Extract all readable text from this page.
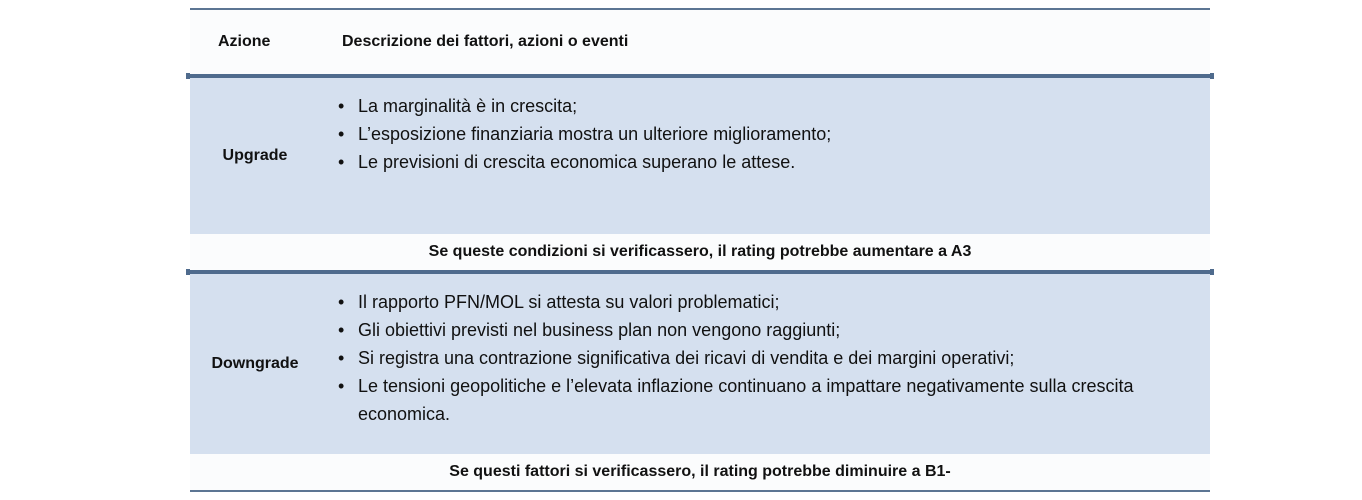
Azione	Descrizione dei fattori, azioni o eventi
Upgrade
• La marginalità è in crescita;
• L’esposizione finanziaria mostra un ulteriore miglioramento;
• Le previsioni di crescita economica superano le attese.
Se queste condizioni si verificassero, il rating potrebbe aumentare a A3
Downgrade
• Il rapporto PFN/MOL si attesta su valori problematici;
• Gli obiettivi previsti nel business plan non vengono raggiunti;
• Si registra una contrazione significativa dei ricavi di vendita e dei margini operativi;
• Le tensioni geopolitiche e l’elevata inflazione continuano a impattare negativamente sulla crescita economica.
Se questi fattori si verificassero, il rating potrebbe diminuire a B1-
